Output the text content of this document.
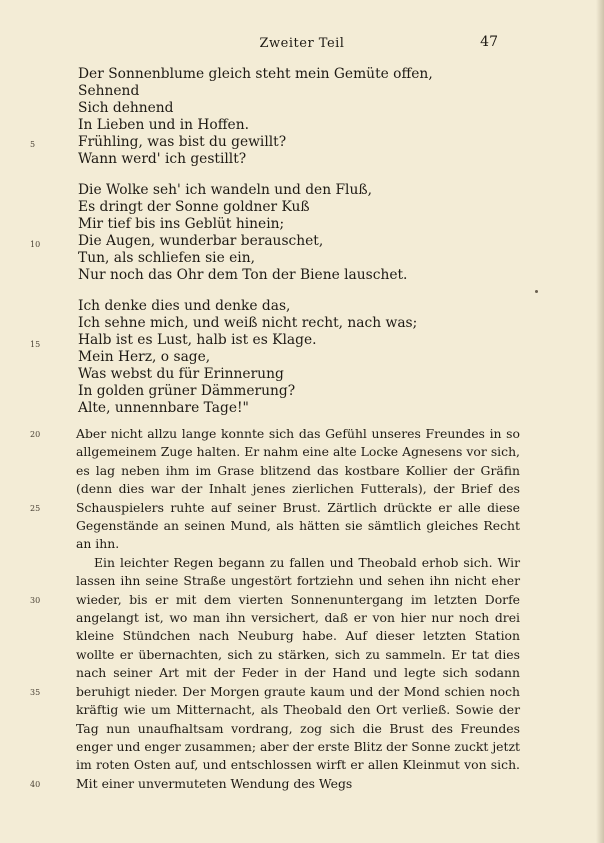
Zweiter Teil	47
Der Sonnenblume gleich steht mein Gemüte offen,
Sehnend
Sich dehnend
In Lieben und in Hoffen.
Frühling, was bist du gewillt?
Wann werd' ich gestillt?
Die Wolke seh' ich wandeln und den Fluß,
Es dringt der Sonne goldner Kuß
Mir tief bis ins Geblüt hinein;
Die Augen, wunderbar berauschet,
Tun, als schliefen sie ein,
Nur noch das Ohr dem Ton der Biene lauschet.
Ich denke dies und denke das,
Ich sehne mich, und weiß nicht recht, nach was;
Halb ist es Lust, halb ist es Klage.
Mein Herz, o sage,
Was webst du für Erinnerung
In golden grüner Dämmerung?
Alte, unnennbare Tage!"

Aber nicht allzu lange konnte sich das Gefühl unseres Freundes in so allgemeinem Zuge halten. Er nahm eine alte Locke Agnesens vor sich, es lag neben ihm im Grase blitzend das kostbare Kollier der Gräfin (denn dies war der Inhalt jenes zierlichen Futterals), der Brief des Schauspielers ruhte auf seiner Brust. Zärtlich drückte er alle diese Gegenstände an seinen Mund, als hätten sie sämtlich gleiches Recht an ihn.

Ein leichter Regen begann zu fallen und Theobald erhob sich. Wir lassen ihn seine Straße ungestört fortziehn und sehen ihn nicht eher wieder, bis er mit dem vierten Sonnenuntergang im letzten Dorfe angelangt ist, wo man ihn versichert, daß er von hier nur noch drei kleine Stündchen nach Neuburg habe. Auf dieser letzten Station wollte er übernachten, sich zu stärken, sich zu sammeln. Er tat dies nach seiner Art mit der Feder in der Hand und legte sich sodann beruhigt nieder. Der Morgen graute kaum und der Mond schien noch kräftig wie um Mitternacht, als Theobald den Ort verließ. Sowie der Tag nun unaufhaltsam vordrang, zog sich die Brust des Freundes enger und enger zusammen; aber der erste Blitz der Sonne zuckt jetzt im roten Osten auf, und entschlossen wirft er allen Kleinmut von sich. Mit einer unvermuteten Wendung des Wegs

5
10
15
20
25
30
35
40
